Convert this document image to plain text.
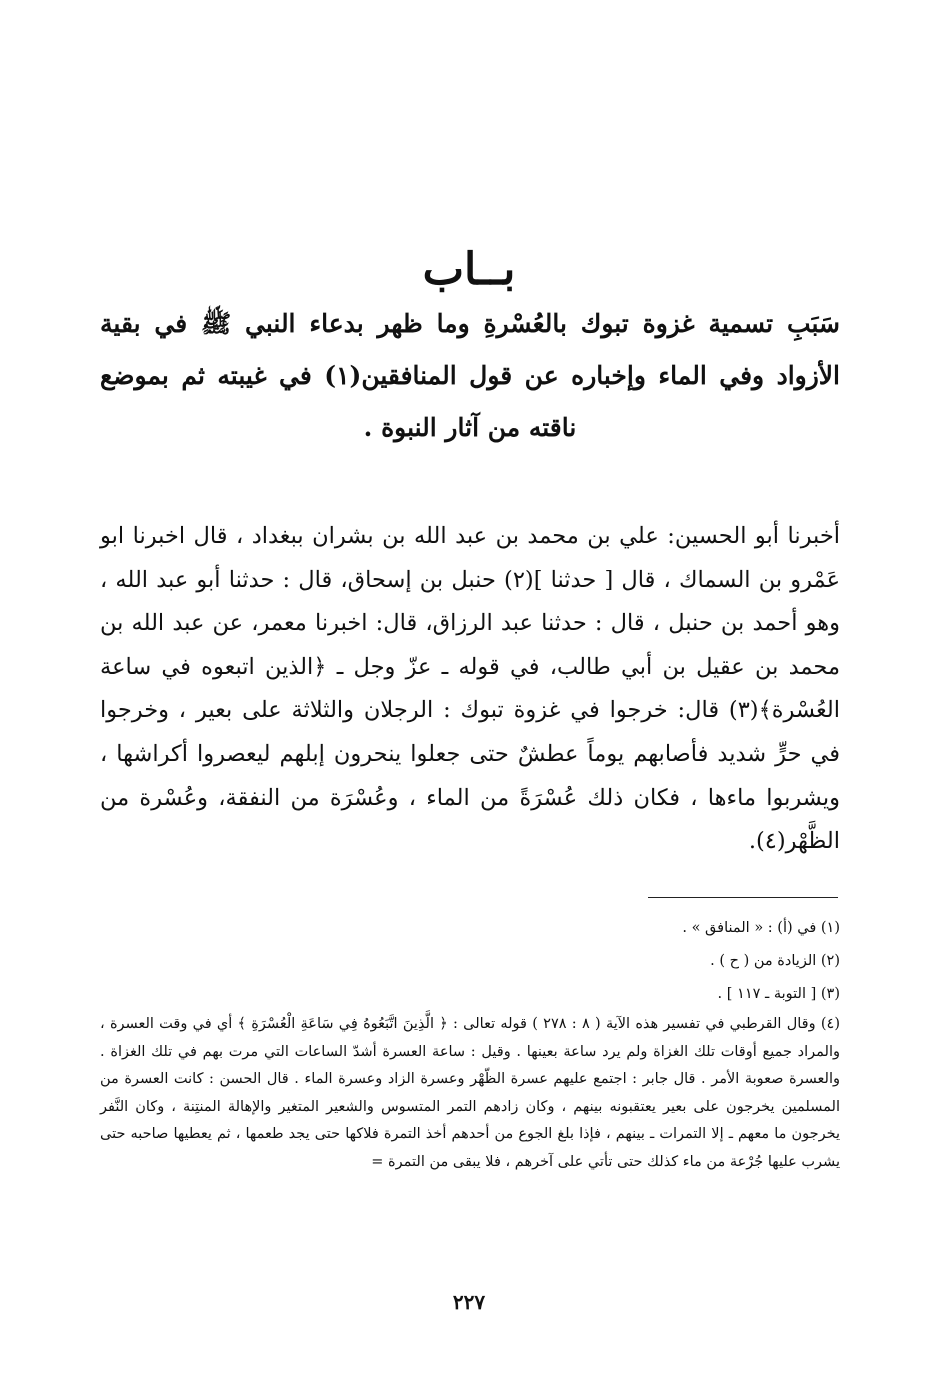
بــاب
سَبَبِ تسمية غزوة تبوك بالعُسْرةِ وما ظهر بدعاء النبي ﷺ في بقية الأزواد وفي الماء وإخباره عن قول المنافقين(١) في غيبته ثم بموضع ناقته من آثار النبوة .

أخبرنا أبو الحسين: علي بن محمد بن عبد الله بن بشران ببغداد ، قال اخبرنا ابو عَمْرو بن السماك ، قال [ حدثنا ](٢) حنبل بن إسحاق، قال : حدثنا أبو عبد الله ، وهو أحمد بن حنبل ، قال : حدثنا عبد الرزاق، قال: اخبرنا معمر، عن عبد الله بن محمد بن عقيل بن أبي طالب، في قوله ـ عزّ وجل ـ ﴿الذين اتبعوه في ساعة العُسْرة﴾(٣) قال: خرجوا في غزوة تبوك : الرجلان والثلاثة على بعير ، وخرجوا في حرٍّ شديد فأصابهم يوماً عطشٌ حتى جعلوا ينحرون إبلهم ليعصروا أكراشها ، ويشربوا ماءها ، فكان ذلك عُسْرَةً من الماء ، وعُسْرَة من النفقة، وعُسْرة من الظَّهْر(٤).

(١) في (أ) : « المنافق » .
(٢) الزيادة من ( ح ) .
(٣) [ التوبة ـ ١١٧ ] .
(٤) وقال القرطبي في تفسير هذه الآية ( ٨ : ٢٧٨ ) قوله تعالى : ﴿ الَّذِينَ اتَّبَعُوهُ فِي سَاعَةِ الْعُسْرَةِ ﴾ أي في وقت العسرة ، والمراد جميع أوقات تلك الغزاة ولم يرد ساعة بعينها . وقيل : ساعة العسرة أشدّ الساعات التي مرت بهم في تلك الغزاة . والعسرة صعوبة الأمر . قال جابر : اجتمع عليهم عسرة الظّهْر وعسرة الزاد وعسرة الماء . قال الحسن : كانت العسرة من المسلمين يخرجون على بعير يعتقبونه بينهم ، وكان زادهم التمر المتسوس والشعير المتغير والإهالة المنتِنة ، وكان النَّفر يخرجون ما معهم ـ إلا التمرات ـ بينهم ، فإذا بلغ الجوع من أحدهم أخذ التمرة فلاكها حتى يجد طعمها ، ثم يعطيها صاحبه حتى يشرب عليها جُرْعة من ماء كذلك حتى تأتي على آخرهم ، فلا يبقى من التمرة =
٢٢٧
